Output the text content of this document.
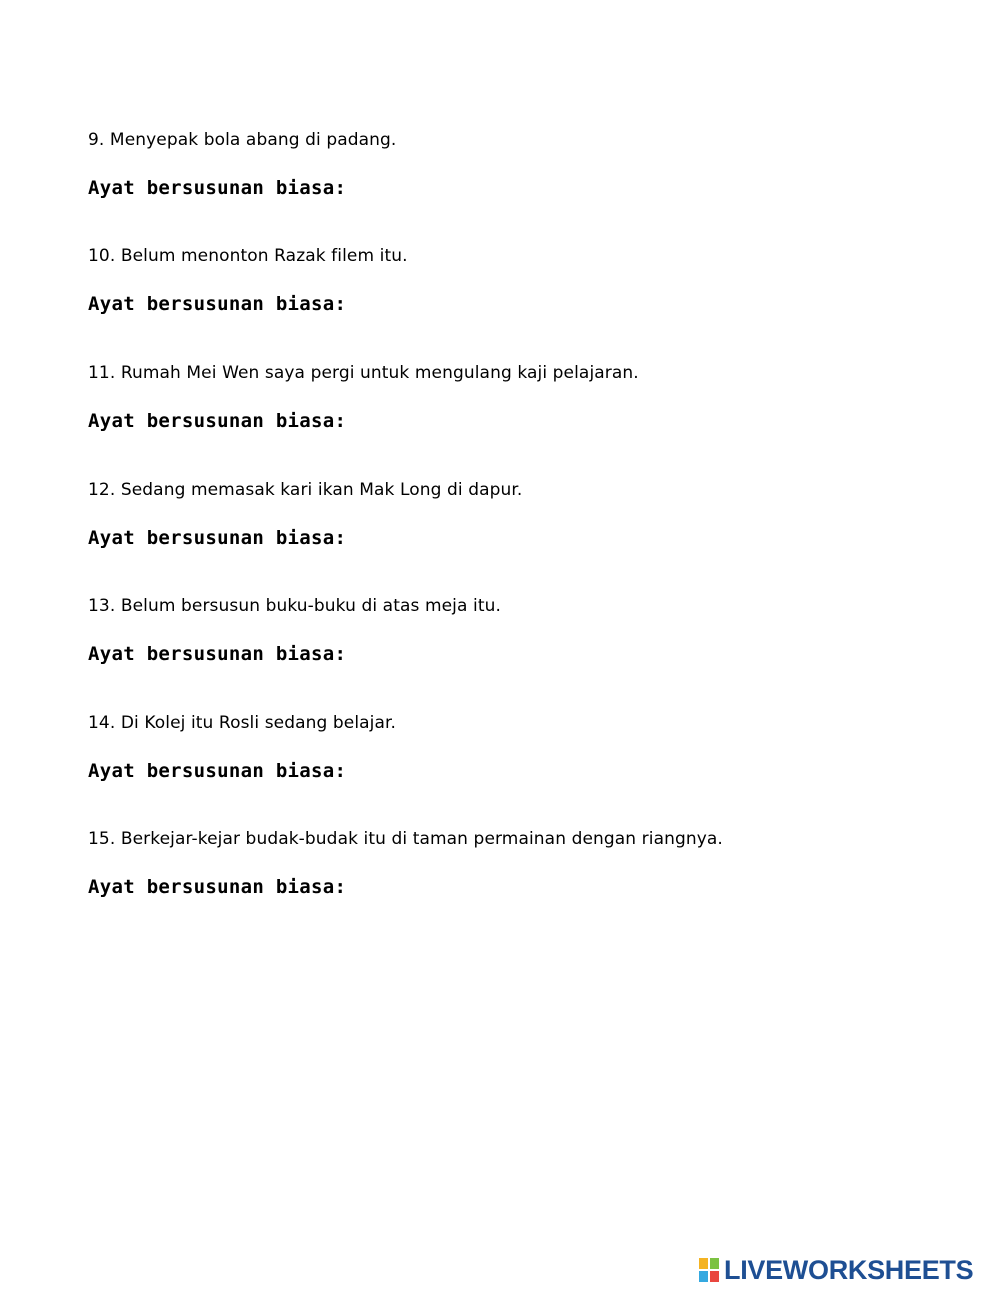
9. Menyepak bola abang di padang.
Ayat bersusunan biasa:
10. Belum menonton Razak filem itu.
Ayat bersusunan biasa:
11. Rumah Mei Wen saya pergi untuk mengulang kaji pelajaran.
Ayat bersusunan biasa:
12. Sedang memasak kari ikan Mak Long di dapur.
Ayat bersusunan biasa:
13. Belum bersusun buku-buku di atas meja itu.
Ayat bersusunan biasa:
14. Di Kolej itu Rosli sedang belajar.
Ayat bersusunan biasa:
15. Berkejar-kejar budak-budak itu di taman permainan dengan riangnya.
Ayat bersusunan biasa:
LIVEWORKSHEETS
